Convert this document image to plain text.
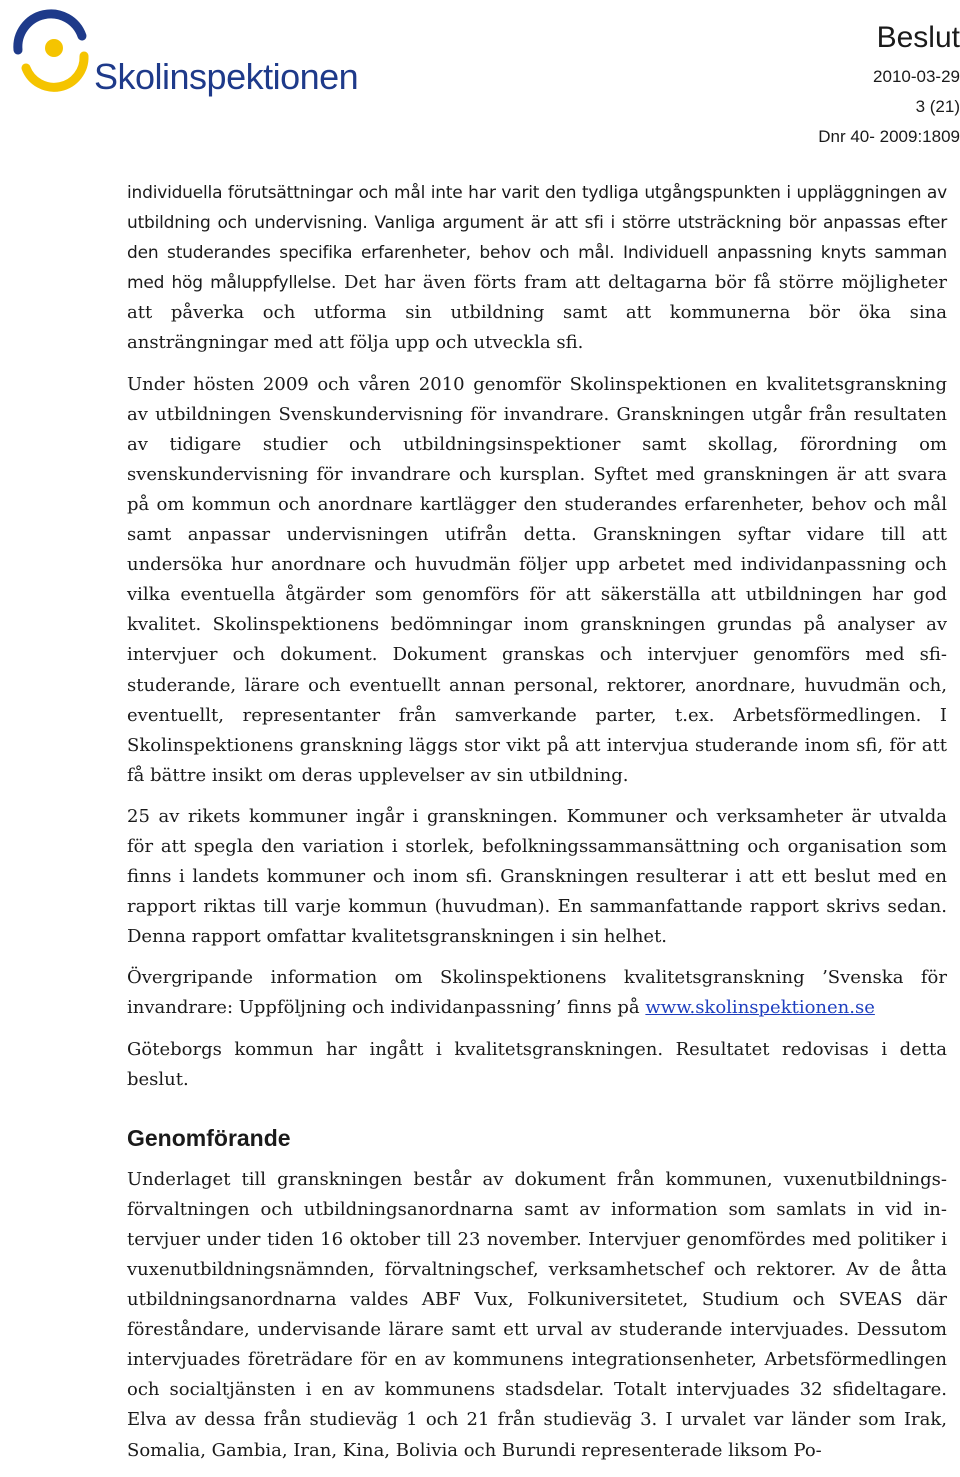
Skolinspektionen
Beslut
2010-03-29
3 (21)
Dnr 40- 2009:1809

individuella förutsättningar och mål inte har varit den tydliga utgångspunkten i uppläggningen av utbildning och undervisning. Vanliga argument är att sfi i större utsträckning bör anpassas efter den studerandes specifika erfarenheter, behov och mål. Individuell anpassning knyts samman med hög måluppfyllelse. Det har även förts fram att deltagarna bör få större möjligheter att påverka och utforma sin utbildning samt att kommunerna bör öka sina ansträngningar med att följa upp och utveckla sfi.

Under hösten 2009 och våren 2010 genomför Skolinspektionen en kvalitetsgranskning av utbildningen Svenskundervisning för invandrare. Granskningen utgår från resultaten av tidigare studier och utbildningsinspektioner samt skollag, förordning om svenskundervisning för invandrare och kursplan. Syftet med granskningen är att svara på om kommun och anordnare kartlägger den studerandes erfarenheter, behov och mål samt anpassar undervisningen utifrån detta. Granskningen syftar vidare till att undersöka hur anordnare och huvudmän följer upp arbetet med individanpassning och vilka eventuella åtgärder som genomförs för att säkerställa att utbildningen har god kvalitet. Skolinspektionens bedömningar inom granskningen grundas på analyser av intervjuer och dokument. Dokument granskas och intervjuer genomförs med sfi-studerande, lärare och eventuellt annan personal, rektorer, anordnare, huvudmän och, eventuellt, representanter från samverkande parter, t.ex. Arbetsförmedlingen. I Skolinspektionens granskning läggs stor vikt på att intervjua studerande inom sfi, för att få bättre insikt om deras upplevelser av sin utbildning.

25 av rikets kommuner ingår i granskningen. Kommuner och verksamheter är utvalda för att spegla den variation i storlek, befolkningssammansättning och organisation som finns i landets kommuner och inom sfi. Granskningen resulterar i att ett beslut med en rapport riktas till varje kommun (huvudman). En sammanfattande rapport skrivs sedan. Denna rapport omfattar kvalitetsgranskningen i sin helhet.

Övergripande information om Skolinspektionens kvalitetsgranskning ’Svenska för invandrare: Uppföljning och individanpassning’ finns på www.skolinspektionen.se

Göteborgs kommun har ingått i kvalitetsgranskningen. Resultatet redovisas i detta beslut.

Genomförande

Underlaget till granskningen består av dokument från kommunen, vuxenutbildningsförvaltningen och utbildningsanordnarna samt av information som samlats in vid intervjuer under tiden 16 oktober till 23 november. Intervjuer genomfördes med politiker i vuxenutbildningsnämnden, förvaltningschef, verksamhetschef och rektorer. Av de åtta utbildningsanordnarna valdes ABF Vux, Folkuniversitetet, Studium och SVEAS där föreståndare, undervisande lärare samt ett urval av studerande intervjuades. Dessutom intervjuades företrädare för en av kommunens integrationsenheter, Arbetsförmedlingen och socialtjänsten i en av kommunens stadsdelar. Totalt intervjuades 32 sfideltagare. Elva av dessa från studieväg 1 och 21 från studieväg 3. I urvalet var länder som Irak, Somalia, Gambia, Iran, Kina, Bolivia och Burundi representerade liksom Po-
